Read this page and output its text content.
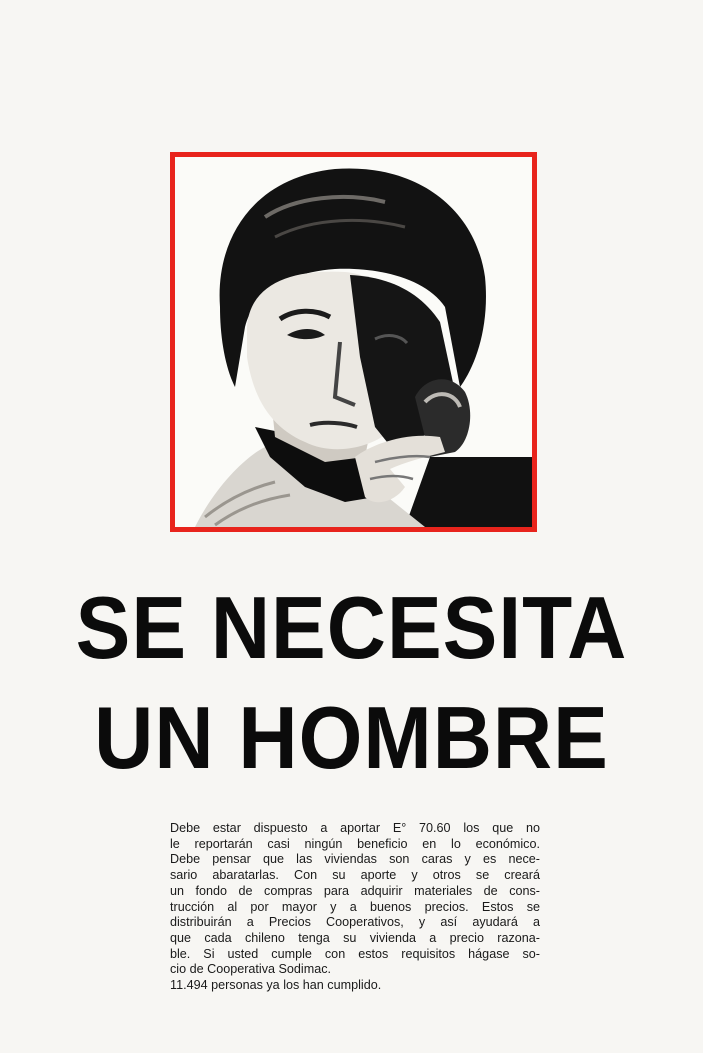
SE NECESITA
UN HOMBRE
Debe estar dispuesto a aportar E° 70.60 los que no
le reportarán casi ningún beneficio en lo económico.
Debe pensar que las viviendas son caras y es nece-
sario abaratarlas. Con su aporte y otros se creará
un fondo de compras para adquirir materiales de cons-
trucción al por mayor y a buenos precios. Estos se
distribuirán a Precios Cooperativos, y así ayudará a
que cada chileno tenga su vivienda a precio razona-
ble. Si usted cumple con estos requisitos hágase so-
cio de Cooperativa Sodimac.
11.494 personas ya los han cumplido.
